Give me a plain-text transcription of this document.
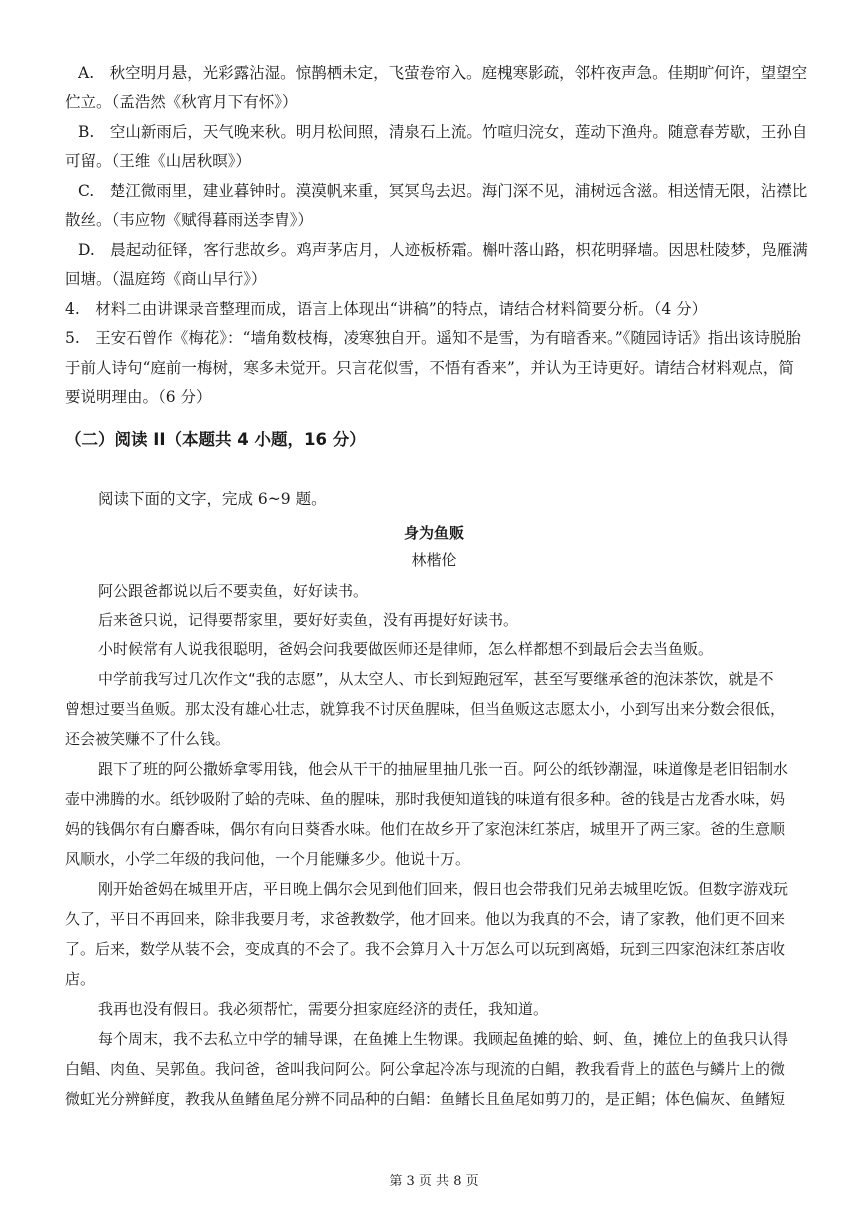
A.　秋空明月悬，光彩露沾湿。惊鹊栖未定，飞萤卷帘入。庭槐寒影疏，邻杵夜声急。佳期旷何许，望望空
伫立。（孟浩然《秋宵月下有怀》）
B.　空山新雨后，天气晚来秋。明月松间照，清泉石上流。竹喧归浣女，莲动下渔舟。随意春芳歇，王孙自
可留。（王维《山居秋暝》）
C.　楚江微雨里，建业暮钟时。漠漠帆来重，冥冥鸟去迟。海门深不见，浦树远含滋。相送情无限，沾襟比
散丝。（韦应物《赋得暮雨送李胄》）
D.　晨起动征铎，客行悲故乡。鸡声茅店月，人迹板桥霜。槲叶落山路，枳花明驿墙。因思杜陵梦，凫雁满
回塘。（温庭筠《商山早行》）
4.　材料二由讲课录音整理而成，语言上体现出“讲稿”的特点，请结合材料简要分析。（4 分）
5.　王安石曾作《梅花》：“墙角数枝梅，凌寒独自开。遥知不是雪，为有暗香来。”《随园诗话》指出该诗脱胎
于前人诗句“庭前一梅树，寒多未觉开。只言花似雪，不悟有香来”，并认为王诗更好。请结合材料观点，简
要说明理由。（6 分）
（二）阅读 II（本题共 4 小题，16 分）
阅读下面的文字，完成 6~9 题。
身为鱼贩
林楷伦
阿公跟爸都说以后不要卖鱼，好好读书。
后来爸只说，记得要帮家里，要好好卖鱼，没有再提好好读书。
小时候常有人说我很聪明，爸妈会问我要做医师还是律师，怎么样都想不到最后会去当鱼贩。
中学前我写过几次作文“我的志愿”，从太空人、市长到短跑冠军，甚至写要继承爸的泡沫茶饮，就是不
曾想过要当鱼贩。那太没有雄心壮志，就算我不讨厌鱼腥味，但当鱼贩这志愿太小，小到写出来分数会很低，
还会被笑赚不了什么钱。
跟下了班的阿公撒娇拿零用钱，他会从干干的抽屉里抽几张一百。阿公的纸钞潮湿，味道像是老旧铝制水
壶中沸腾的水。纸钞吸附了蛤的壳味、鱼的腥味，那时我便知道钱的味道有很多种。爸的钱是古龙香水味，妈
妈的钱偶尔有白麝香味，偶尔有向日葵香水味。他们在故乡开了家泡沫红茶店，城里开了两三家。爸的生意顺
风顺水，小学二年级的我问他，一个月能赚多少。他说十万。
刚开始爸妈在城里开店，平日晚上偶尔会见到他们回来，假日也会带我们兄弟去城里吃饭。但数字游戏玩
久了，平日不再回来，除非我要月考，求爸教数学，他才回来。他以为我真的不会，请了家教，他们更不回来
了。后来，数学从装不会，变成真的不会了。我不会算月入十万怎么可以玩到离婚，玩到三四家泡沫红茶店收
店。
我再也没有假日。我必须帮忙，需要分担家庭经济的责任，我知道。
每个周末，我不去私立中学的辅导课，在鱼摊上生物课。我顾起鱼摊的蛤、蚵、鱼，摊位上的鱼我只认得
白鲳、肉鱼、吴郭鱼。我问爸，爸叫我问阿公。阿公拿起冷冻与现流的白鲳，教我看背上的蓝色与鳞片上的微
微虹光分辨鲜度，教我从鱼鳍鱼尾分辨不同品种的白鲳：鱼鳍长且鱼尾如剪刀的，是正鲳；体色偏灰、鱼鳍短
第 3 页 共 8 页
